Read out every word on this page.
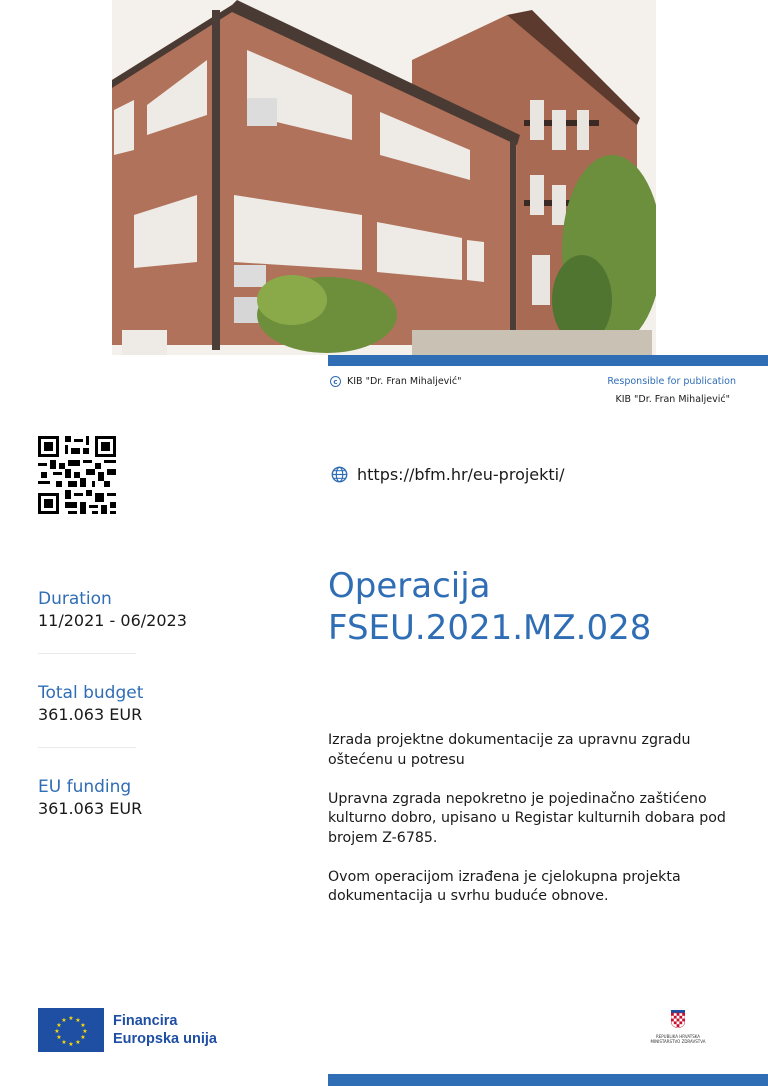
c KIB "Dr. Fran Mihaljević"	Responsible for publication
KIB "Dr. Fran Mihaljević"
https://bfm.hr/eu-projekti/
Operacija
FSEU.2021.MZ.028
Duration
11/2021 - 06/2023
Total budget
361.063 EUR
EU funding
361.063 EUR

Izrada projektne dokumentacije za upravnu zgradu oštećenu u potresu

Upravna zgrada nepokretno je pojedinačno zaštićeno kulturno dobro, upisano u Registar kulturnih dobara pod brojem Z-6785.

Ovom operacijom izrađena je cjelokupna projekta dokumentacija u svrhu buduće obnove.

★ ★
★
★
★
★
★
★
★
★
★
★	Financira
Europska unija	REPUBLIKA HRVATSKA MINISTARSTVO ZDRAVSTVA
